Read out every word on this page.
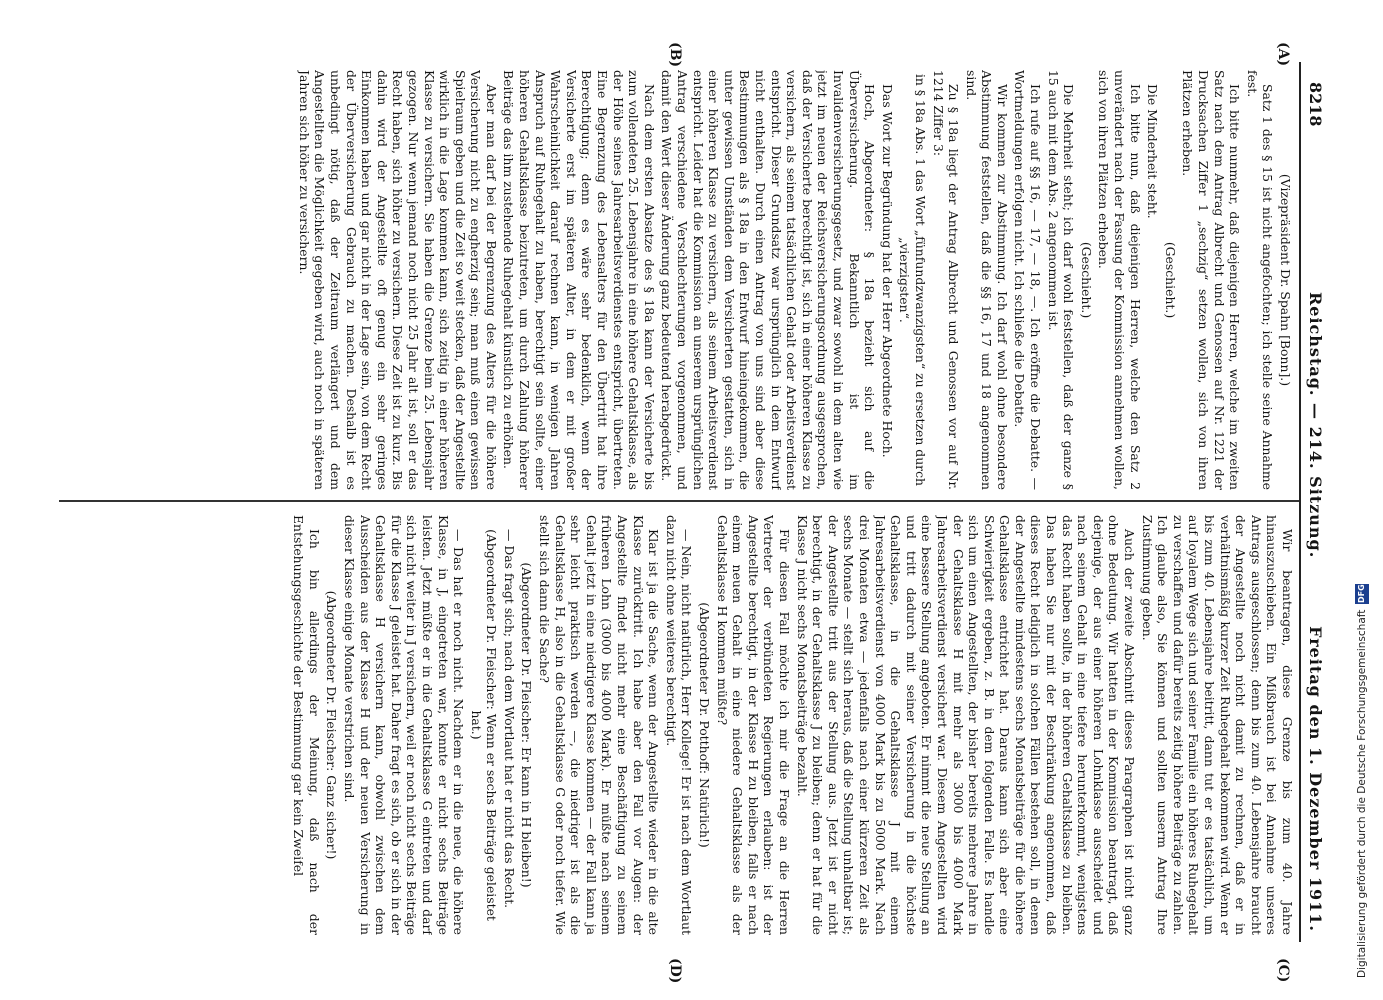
8218
Reichstag. — 214. Sitzung.
Freitag den 1. Dezember 1911.
(A)
(B)
(C)
(D)

(Vizepräsident Dr. Spahn [Bonn].)

Satz 1 des § 15 ist nicht angefochten; ich stelle seine Annahme fest.

Ich bitte nunmehr, daß diejenigen Herren, welche im zweiten Satz nach dem Antrag Albrecht und Genossen auf Nr. 1221 der Drucksachen Ziffer 1 „sechzig“ setzen wollen, sich von ihren Plätzen erheben.

(Geschieht.)

Die Minderheit steht.

Ich bitte nun, daß diejenigen Herren, welche den Satz 2 unverändert nach der Fassung der Kommission annehmen wollen, sich von ihren Plätzen erheben.

(Geschieht.)

Die Mehrheit steht; ich darf wohl feststellen, daß der ganze § 15 auch mit dem Abs. 2 angenommen ist.

Ich rufe auf §§ 16, — 17, — 18, —. Ich eröffne die Debatte. — Wortmeldungen erfolgen nicht. Ich schließe die Debatte.

Wir kommen zur Abstimmung. Ich darf wohl ohne besondere Abstimmung feststellen, daß die §§ 16, 17 und 18 angenommen sind.

Zu § 18a liegt der Antrag Albrecht und Genossen vor auf Nr. 1214 Ziffer 3:

in § 18a Abs. 1 das Wort „fünfundzwanzigsten“ zu ersetzen durch „vierzigsten“.

Das Wort zur Begründung hat der Herr Abgeordnete Hoch.

Hoch, Abgeordneter: § 18a bezieht sich auf die Überversicherung. Bekanntlich ist im Invalidenversicherungsgesetz, und zwar sowohl in dem alten wie jetzt im neuen der Reichsversicherungsordnung ausgesprochen, daß der Versicherte berechtigt ist, sich in einer höheren Klasse zu versichern, als seinem tatsächlichen Gehalt oder Arbeitsverdienst entspricht. Dieser Grundsatz war ursprünglich in dem Entwurf nicht enthalten. Durch einen Antrag von uns sind aber diese Bestimmungen als § 18a in den Entwurf hineingekommen, die unter gewissen Umständen dem Versicherten gestatten, sich in einer höheren Klasse zu versichern, als seinem Arbeitsverdienst entspricht. Leider hat die Kommission an unserem ursprünglichen Antrag verschiedene Verschlechterungen vorgenommen, und damit den Wert dieser Änderung ganz bedeutend herabgedrückt.

Nach dem ersten Absatze des § 18a kann der Versicherte bis zum vollendeten 25. Lebensjahre in eine höhere Gehaltsklasse, als der Höhe seines Jahresarbeitsverdienstes entspricht, übertreten. Eine Begrenzung des Lebensalters für den Übertritt hat ihre Berechtigung; denn es wäre sehr bedenklich, wenn der Versicherte erst im späteren Alter, in dem er mit großer Wahrscheinlichkeit darauf rechnen kann, in wenigen Jahren Anspruch auf Ruhegehalt zu haben, berechtigt sein sollte, einer höheren Gehaltsklasse beizutreten, um durch Zahlung höherer Beiträge das ihm zustehende Ruhegehalt künstlich zu erhöhen.

Aber man darf bei der Begrenzung des Alters für die höhere Versicherung nicht zu engherzig sein; man muß einen gewissen Spielraum geben und die Zeit so weit stecken, daß der Angestellte wirklich in die Lage kommen kann, sich zeitig in einer höheren Klasse zu versichern. Sie haben die Grenze beim 25. Lebensjahr gezogen. Nur wenn jemand noch nicht 25 Jahr alt ist, soll er das Recht haben, sich höher zu versichern. Diese Zeit ist zu kurz. Bis dahin wird der Angestellte oft genug ein sehr geringes Einkommen haben und gar nicht in der Lage sein, von dem Recht der Überversicherung Gebrauch zu machen. Deshalb ist es unbedingt nötig, daß der Zeitraum verlängert und dem Angestellten die Möglichkeit gegeben wird, auch noch in späteren Jahren sich höher zu versichern.

Wir beantragen, diese Grenze bis zum 40. Jahre hinauszuschieben. Ein Mißbrauch ist bei Annahme unseres Antrags ausgeschlossen; denn bis zum 40. Lebensjahre braucht der Angestellte noch nicht damit zu rechnen, daß er in verhältnismäßig kurzer Zeit Ruhegehalt bekommen wird. Wenn er bis zum 40. Lebensjahre beitritt, dann tut er es tatsächlich, um auf loyalem Wege sich und seiner Familie ein höheres Ruhegehalt zu verschaffen und dafür bereits zeitig höhere Beiträge zu zahlen. Ich glaube also, Sie können und sollten unserm Antrag Ihre Zustimmung geben.

Auch der zweite Abschnitt dieses Paragraphen ist nicht ganz ohne Bedeutung. Wir hatten in der Kommission beantragt, daß derjenige, der aus einer höheren Lohnklasse ausscheidet und nach seinem Gehalt in eine tiefere herunterkommt, wenigstens das Recht haben sollte, in der höheren Gehaltsklasse zu bleiben. Das haben Sie nur mit der Beschränkung angenommen, daß dieses Recht lediglich in solchen Fällen bestehen soll, in denen der Angestellte mindestens sechs Monatsbeiträge für die höhere Gehaltsklasse entrichtet hat. Daraus kann sich aber eine Schwierigkeit ergeben, z. B. in dem folgenden Falle. Es handle sich um einen Angestellten, der bisher bereits mehrere Jahre in der Gehaltsklasse H mit mehr als 3000 bis 4000 Mark Jahresarbeitsverdienst versichert war. Diesem Angestellten wird eine bessere Stellung angeboten. Er nimmt die neue Stellung an und tritt dadurch mit seiner Versicherung in die höchste Gehaltsklasse, in die Gehaltsklasse J mit einem Jahresarbeitsverdienst von 4000 Mark bis zu 5000 Mark. Nach drei Monaten etwa — jedenfalls nach einer kürzeren Zeit als sechs Monate — stellt sich heraus, daß die Stellung unhaltbar ist; der Angestellte tritt aus der Stellung aus. Jetzt ist er nicht berechtigt, in der Gehaltsklasse J zu bleiben; denn er hat für die Klasse J nicht sechs Monatsbeiträge bezahlt.

Für diesen Fall möchte ich mir die Frage an die Herren Vertreter der verbündeten Regierungen erlauben: ist der Angestellte berechtigt, in der Klasse H zu bleiben, falls er nach einem neuen Gehalt in eine niedere Gehaltsklasse als der Gehaltsklasse H kommen müßte?

(Abgeordneter Dr. Potthoff: Natürlich!)

— Nein, nicht natürlich, Herr Kollege! Er ist nach dem Wortlaut dazu nicht ohne weiteres berechtigt.

Klar ist ja die Sache, wenn der Angestellte wieder in die alte Klasse zurücktritt. Ich habe aber den Fall vor Augen: der Angestellte findet nicht mehr eine Beschäftigung zu seinem früheren Lohn (3000 bis 4000 Mark). Er müßte nach seinem Gehalt jetzt in eine niedrigere Klasse kommen — der Fall kann ja sehr leicht praktisch werden —, die niedriger ist als die Gehaltsklasse H, also in die Gehaltsklasse G oder noch tiefer. Wie stellt sich dann die Sache?

(Abgeordneter Dr. Fleischer: Er kann in H bleiben!)

— Das fragt sich; nach dem Wortlaut hat er nicht das Recht.

(Abgeordneter Dr. Fleischer: Wenn er sechs Beiträge geleistet hat.)

— Das hat er noch nicht. Nachdem er in die neue, die höhere Klasse, in J, eingetreten war, konnte er nicht sechs Beiträge leisten. Jetzt müßte er in die Gehaltsklasse G eintreten und darf sich nicht weiter in J versichern, weil er noch nicht sechs Beiträge für die Klasse J geleistet hat. Daher fragt es sich, ob er sich in der Gehaltsklasse H versichern kann, obwohl zwischen dem Ausscheiden aus der Klasse H und der neuen Versicherung in dieser Klasse einige Monate verstrichen sind.

(Abgeordneter Dr. Fleischer: Ganz sicher!)

Ich bin allerdings der Meinung, daß nach der Entstehungsgeschichte der Bestimmung gar kein Zweifel	Digitalisierung gefördert durch die Deutsche Forschungsgemeinschaft
DFG
